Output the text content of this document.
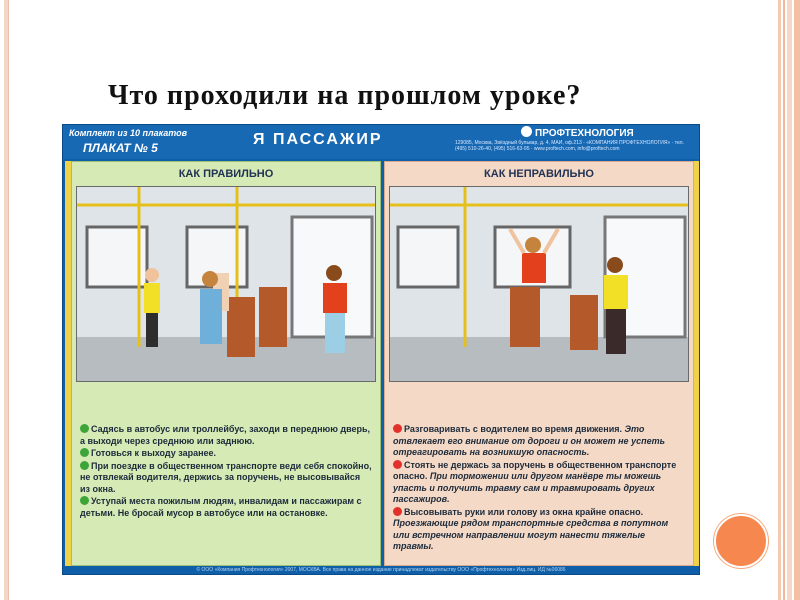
Что проходили на прошлом уроке?
Комплект из 10 плакатов
ПЛАКАТ № 5	Я ПАССАЖИР	ПРОФТЕХНОЛОГИЯ
129085, Москва, Звёздный бульвар, д. 4, МАИ, оф.213 · «КОМПАНИЯ ПРОФТЕХНОЛОГИЯ» · тел.(495) 510-26-40, (495) 516-63-95 · www.proftech.com, info@proftech.com
КАК ПРАВИЛЬНО
Садясь в автобус или троллейбус, заходи в переднюю дверь, а выходи через среднюю или заднюю.
Готовься к выходу заранее.
При поездке в общественном транспорте веди себя спокойно, не отвлекай водителя, держись за поручень, не высовывайся из окна.
Уступай места пожилым людям, инвалидам и пассажирам с детьми. Не бросай мусор в автобусе или на остановке.
КАК НЕПРАВИЛЬНО
Разговаривать с водителем во время движения. Это отвлекает его внимание от дороги и он может не успеть отреагировать на возникшую опасность.
Стоять не держась за поручень в общественном транспорте опасно. При торможении или другом манёвре ты можешь упасть и получить травму сам и травмировать других пассажиров.
Высовывать руки или голову из окна крайне опасно. Проезжающие рядом транспортные средства в попутном или встречном направлении могут нанести тяжелые травмы.
© ООО «Компания Профтехнология» 2007, МОСКВА. Все права на данное издание принадлежат издательству ООО «Профтехнология» Изд.лиц. ИД №06086
